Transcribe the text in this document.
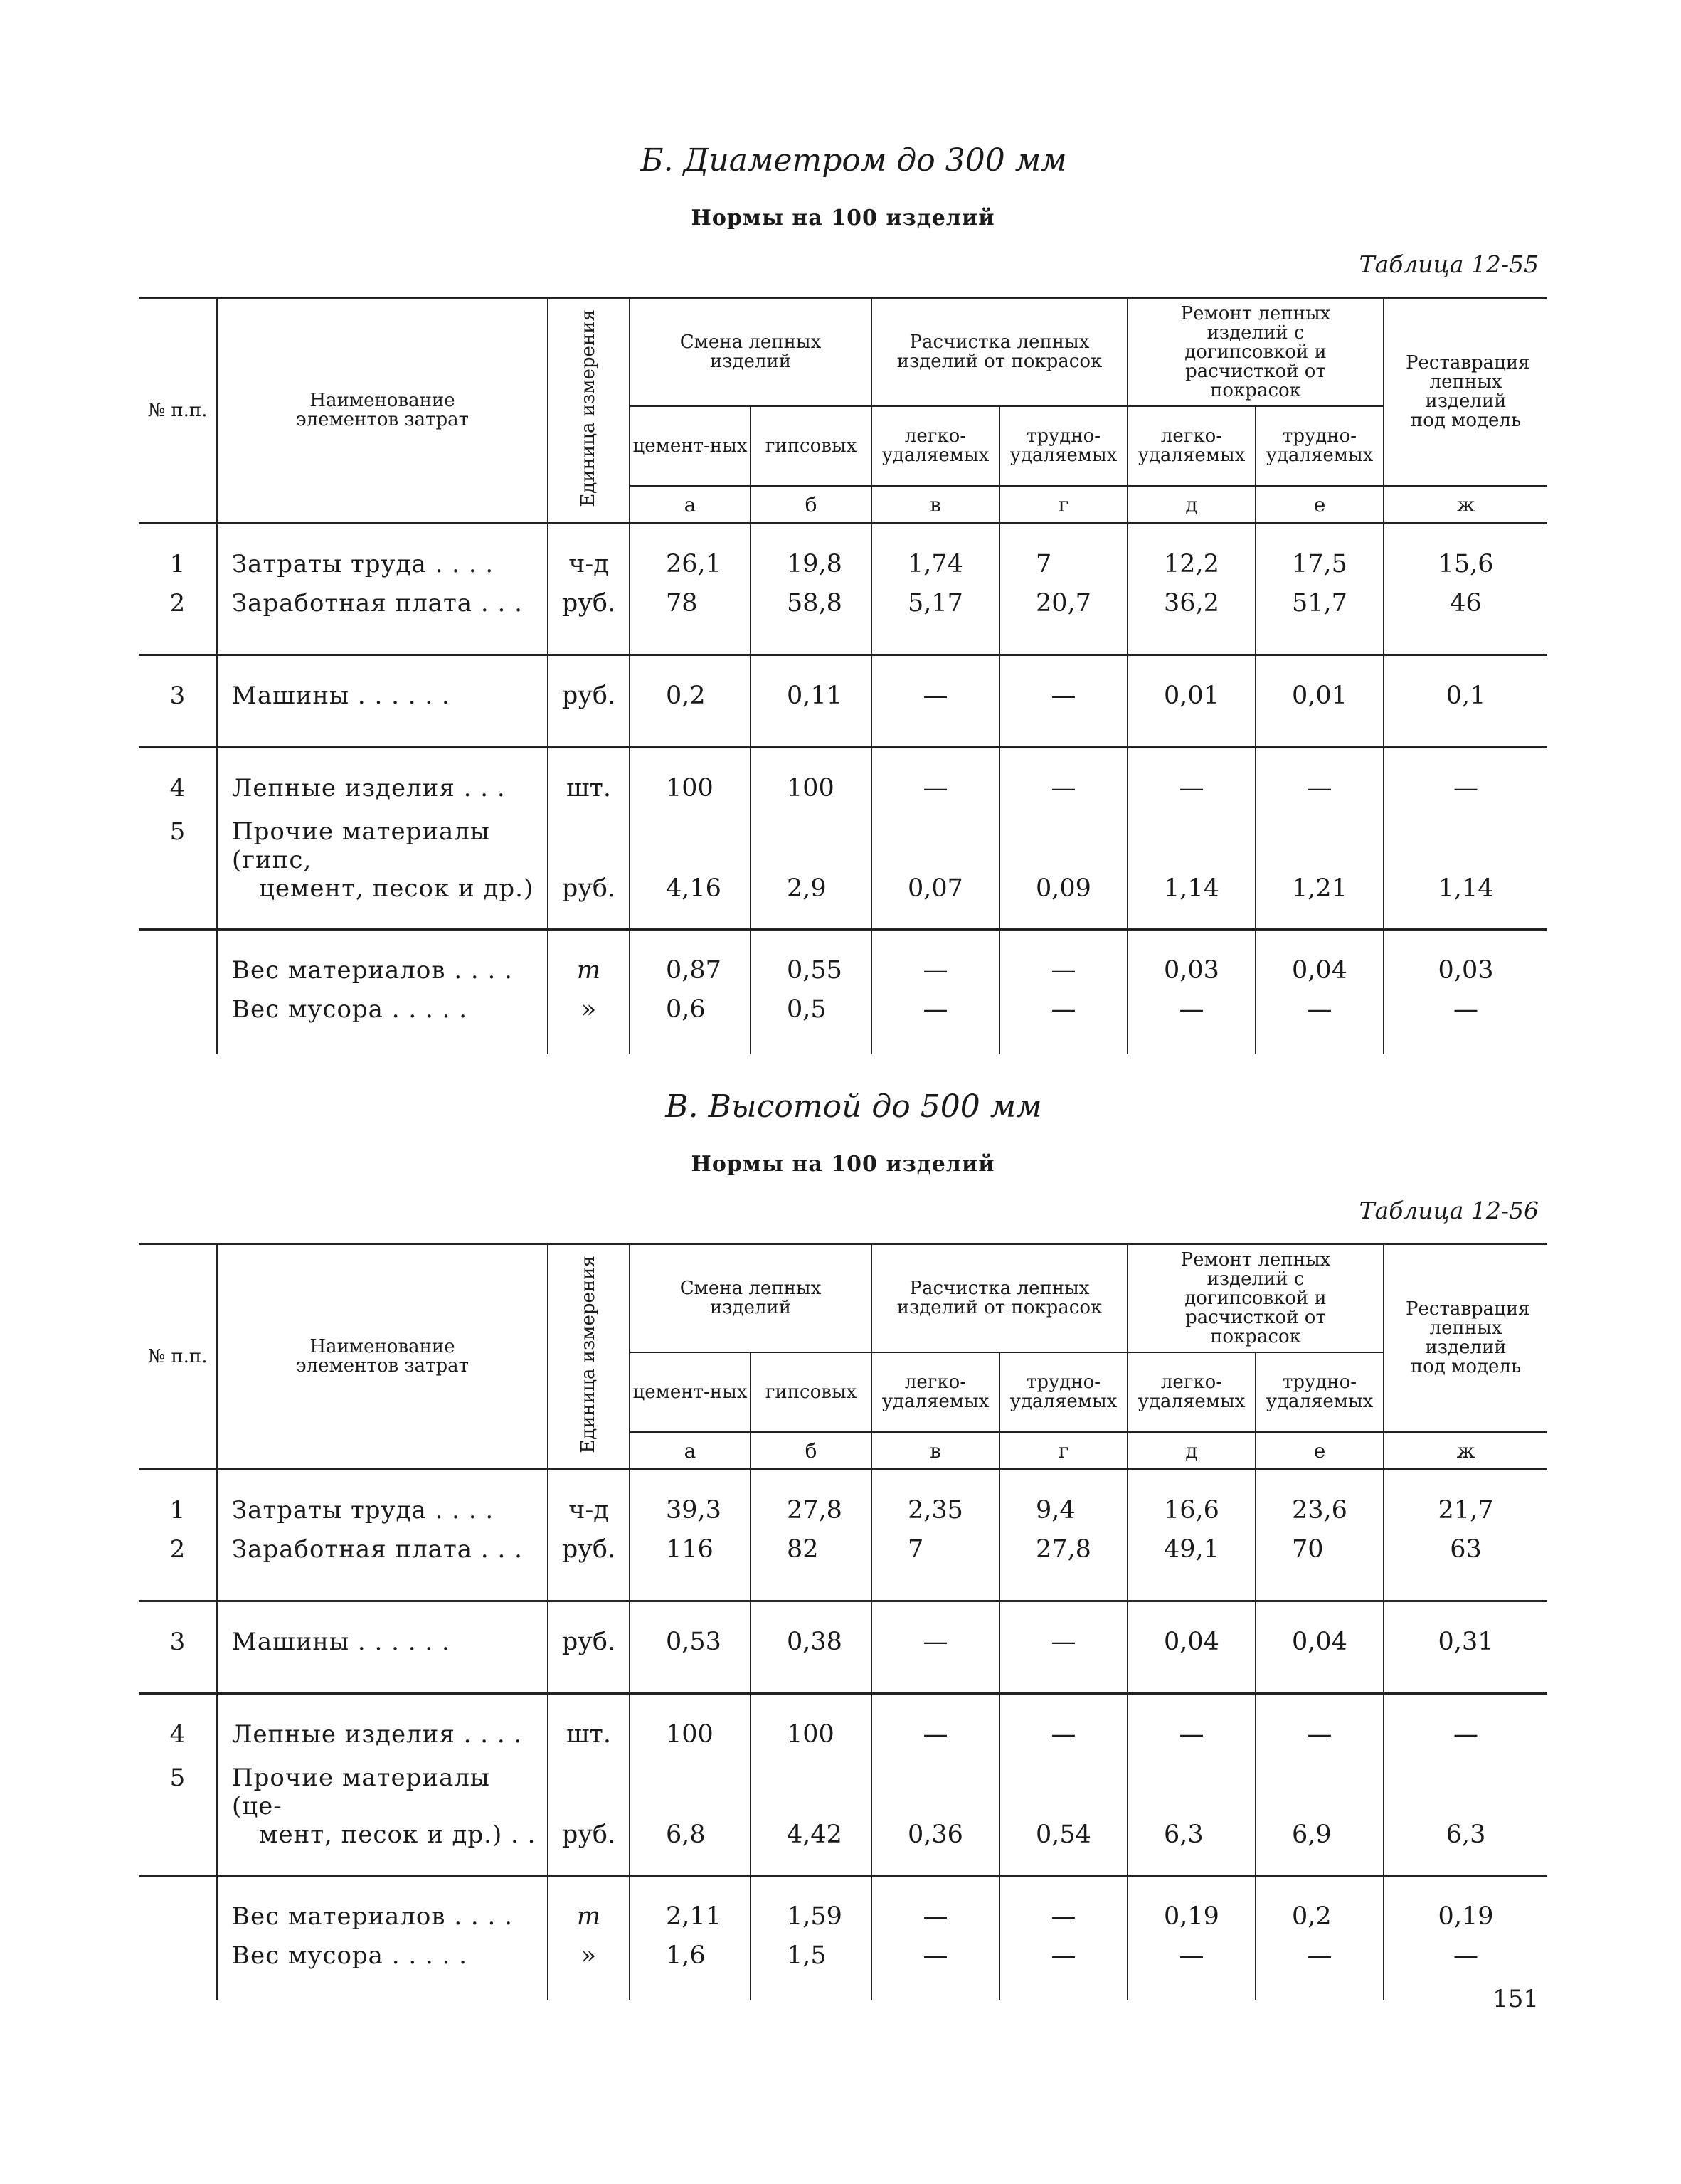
Б. Диаметром до 300 мм
Нормы на 100 изделий
Таблица 12-55
№ п.п.	Наименование элементов затрат	Единица измерения	Смена лепных изделий		Расчистка лепных изделий от покрасок		Ремонт лепных изделий с догипсовкой и расчисткой от покрасок		Реставрация лепных изделий под модель
			цемент-ных	гипсовых	легко-удаляемых	трудно-удаляемых	легко-удаляемых	трудно-удаляемых	
			а	б	в	г	д	е	ж
1	Затраты труда . . . .	ч-д	26,1	19,8	1,74	7	12,2	17,5	15,6
2	Заработная плата . . .	руб.	78	58,8	5,17	20,7	36,2	51,7	46
3	Машины . . . . . .	руб.	0,2	0,11	—	—	0,01	0,01	0,1
4	Лепные изделия . . .	шт.	100	100	—	—	—	—	—
5	Прочие материалы (гипс,
цемент, песок и др.)	руб.	4,16	2,9	0,07	0,09	1,14	1,21	1,14
	Вес материалов . . . .	т	0,87	0,55	—	—	0,03	0,04	0,03
	Вес мусора . . . . .	»	0,6	0,5	—	—	—	—	—
В. Высотой до 500 мм
Нормы на 100 изделий
Таблица 12-56
№ п.п.	Наименование элементов затрат	Единица измерения	Смена лепных изделий		Расчистка лепных изделий от покрасок		Ремонт лепных изделий с догипсовкой и расчисткой от покрасок		Реставрация лепных изделий под модель
			цемент-ных	гипсовых	легко-удаляемых	трудно-удаляемых	легко-удаляемых	трудно-удаляемых	
			а	б	в	г	д	е	ж
1	Затраты труда . . . .	ч-д	39,3	27,8	2,35	9,4	16,6	23,6	21,7
2	Заработная плата . . .	руб.	116	82	7	27,8	49,1	70	63
3	Машины . . . . . .	руб.	0,53	0,38	—	—	0,04	0,04	0,31
4	Лепные изделия . . . .	шт.	100	100	—	—	—	—	—
5	Прочие материалы (це-
мент, песок и др.) . .	руб.	6,8	4,42	0,36	0,54	6,3	6,9	6,3
	Вес материалов . . . .	т	2,11	1,59	—	—	0,19	0,2	0,19
	Вес мусора . . . . .	»	1,6	1,5	—	—	—	—	—
151
